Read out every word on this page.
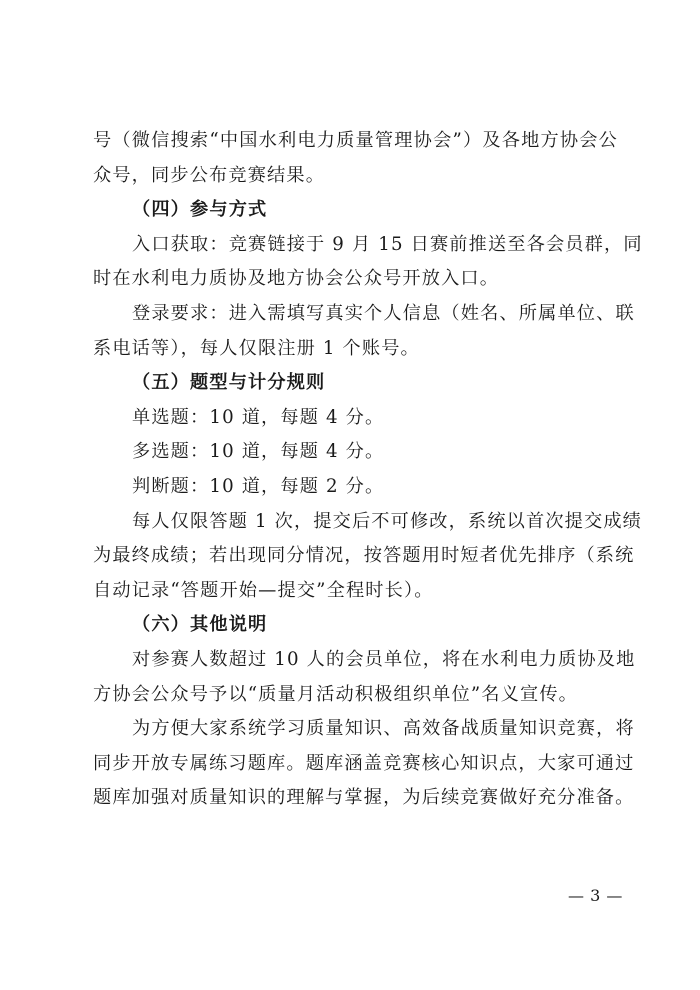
号（微信搜索“中国水利电力质量管理协会”）及各地方协会公
众号，同步公布竞赛结果。
（四）参与方式
入口获取：竞赛链接于 9 月 15 日赛前推送至各会员群，同
时在水利电力质协及地方协会公众号开放入口。
登录要求：进入需填写真实个人信息（姓名、所属单位、联
系电话等），每人仅限注册 1 个账号。
（五）题型与计分规则
单选题：10 道，每题 4 分。
多选题：10 道，每题 4 分。
判断题：10 道，每题 2 分。
每人仅限答题 1 次，提交后不可修改，系统以首次提交成绩
为最终成绩；若出现同分情况，按答题用时短者优先排序（系统
自动记录“答题开始—提交”全程时长）。
（六）其他说明
对参赛人数超过 10 人的会员单位，将在水利电力质协及地
方协会公众号予以“质量月活动积极组织单位”名义宣传。
为方便大家系统学习质量知识、高效备战质量知识竞赛，将
同步开放专属练习题库。题库涵盖竞赛核心知识点，大家可通过
题库加强对质量知识的理解与掌握，为后续竞赛做好充分准备。
— 3 —
